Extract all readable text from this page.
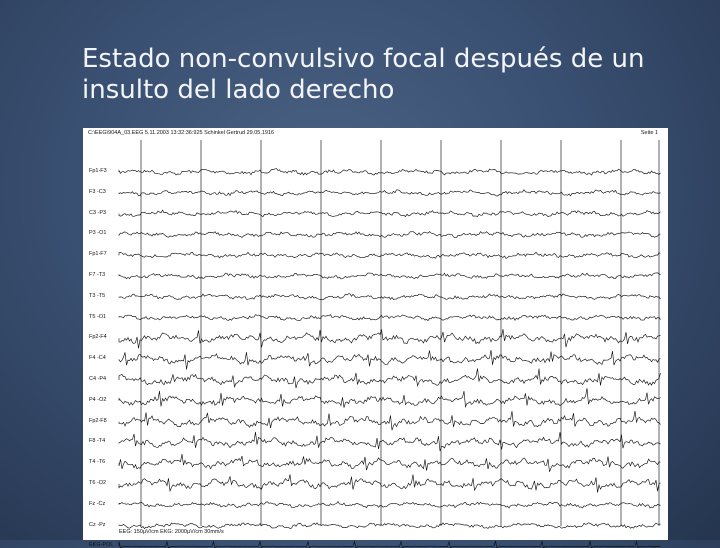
Estado non-convulsivo focal después de un insulto del lado derecho
C:\EEG\904A_03.EEG 5.11.2003 13:32:36:925 Schinkel Gertrud 29.05.1916	Seite 1
Fp1-F3
F3 -C3
C3 -P3
P3 -O1
Fp1-F7
F7 -T3
T3 -T5
T5 -O1
Fp2-F4
F4 -C4
C4 -P4
P4 -O2
Fp2-F8
F8 -T4
T4 -T6
T6 -O2
Fz -Cz
Cz -Pz
EKG-POL
EEG: 150µV/cm EKG: 2000µV/cm 30mm/s
